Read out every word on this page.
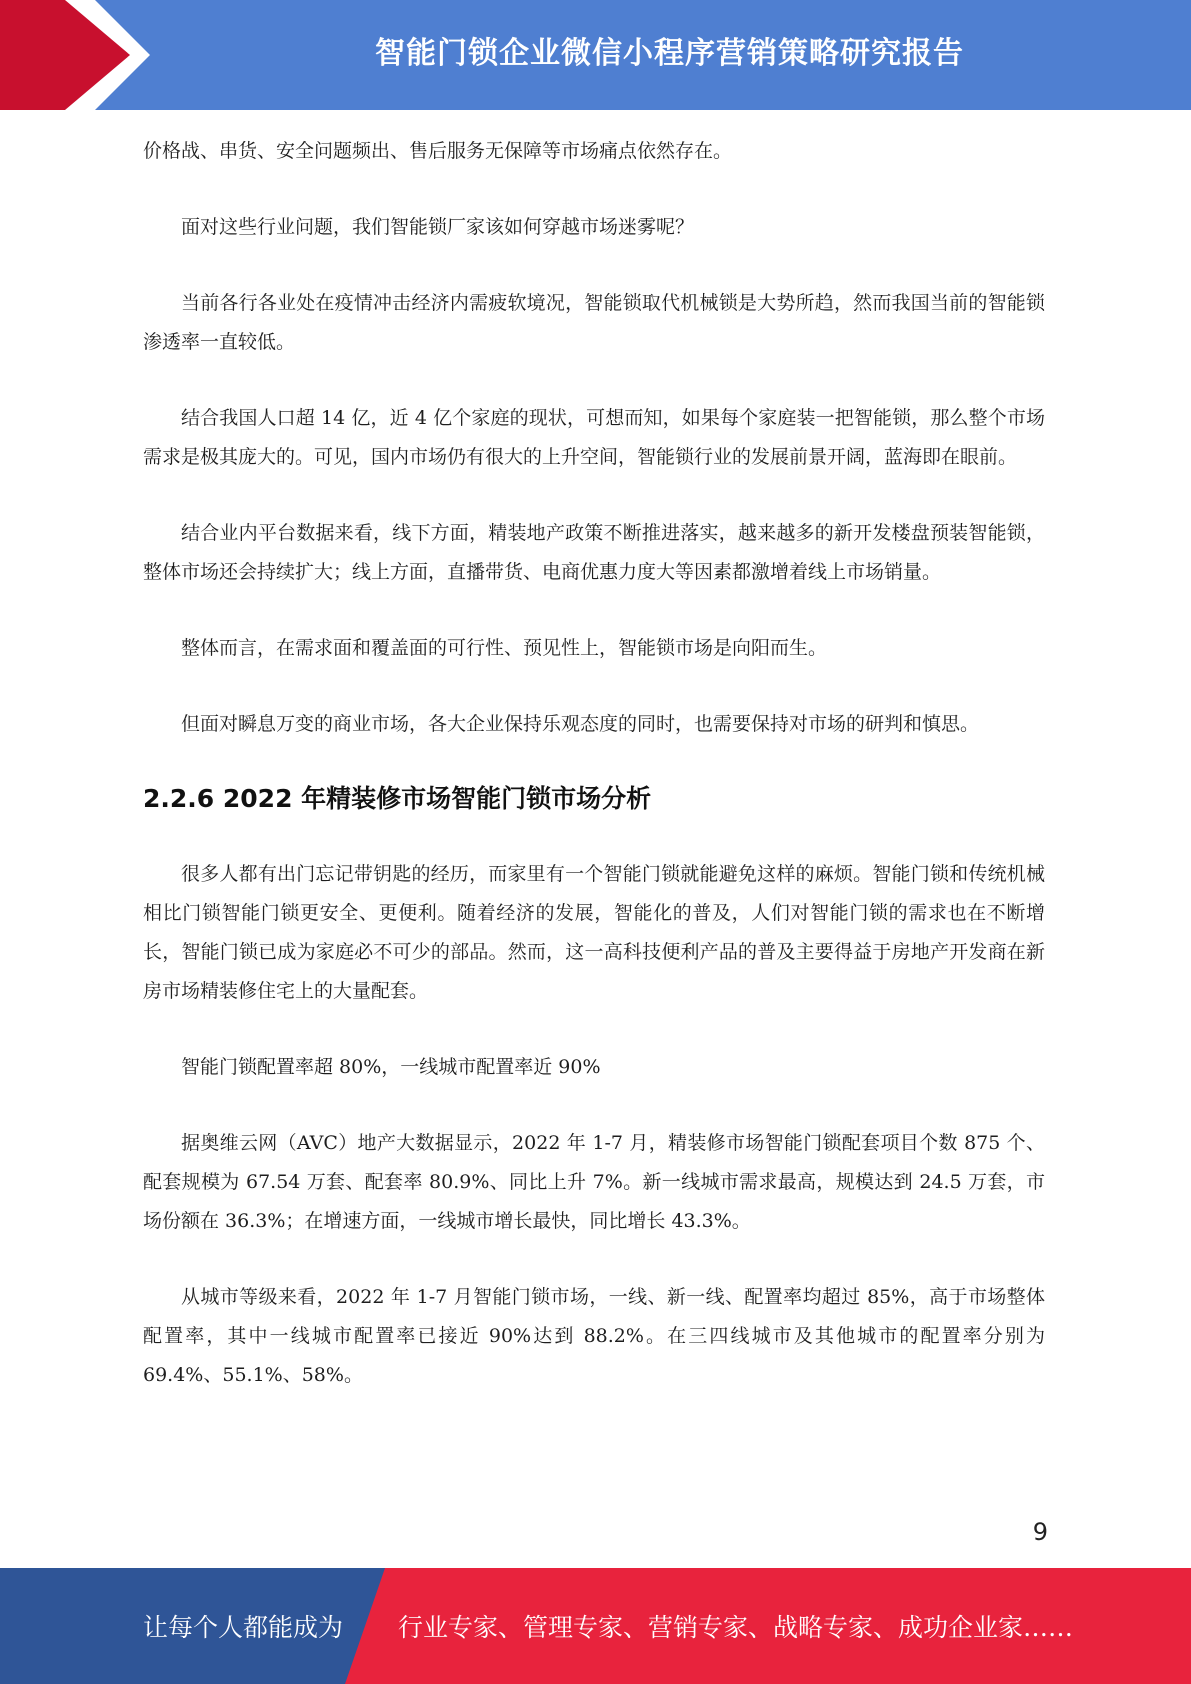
智能门锁企业微信小程序营销策略研究报告

价格战、串货、安全问题频出、售后服务无保障等市场痛点依然存在。

面对这些行业问题，我们智能锁厂家该如何穿越市场迷雾呢？

当前各行各业处在疫情冲击经济内需疲软境况，智能锁取代机械锁是大势所趋，然而我国当前的智能锁渗透率一直较低。

结合我国人口超 14 亿，近 4 亿个家庭的现状，可想而知，如果每个家庭装一把智能锁，那么整个市场需求是极其庞大的。可见，国内市场仍有很大的上升空间，智能锁行业的发展前景开阔，蓝海即在眼前。

结合业内平台数据来看，线下方面，精装地产政策不断推进落实，越来越多的新开发楼盘预装智能锁，整体市场还会持续扩大；线上方面，直播带货、电商优惠力度大等因素都激增着线上市场销量。

整体而言，在需求面和覆盖面的可行性、预见性上，智能锁市场是向阳而生。

但面对瞬息万变的商业市场，各大企业保持乐观态度的同时，也需要保持对市场的研判和慎思。

2.2.6 2022 年精装修市场智能门锁市场分析

很多人都有出门忘记带钥匙的经历，而家里有一个智能门锁就能避免这样的麻烦。智能门锁和传统机械相比门锁智能门锁更安全、更便利。随着经济的发展，智能化的普及，人们对智能门锁的需求也在不断增长，智能门锁已成为家庭必不可少的部品。然而，这一高科技便利产品的普及主要得益于房地产开发商在新房市场精装修住宅上的大量配套。

智能门锁配置率超 80%，一线城市配置率近 90%

据奥维云网（AVC）地产大数据显示，2022 年 1-7 月，精装修市场智能门锁配套项目个数 875 个、配套规模为 67.54 万套、配套率 80.9%、同比上升 7%。新一线城市需求最高，规模达到 24.5 万套，市场份额在 36.3%；在增速方面，一线城市增长最快，同比增长 43.3%。

从城市等级来看，2022 年 1-7 月智能门锁市场，一线、新一线、配置率均超过 85%，高于市场整体配置率，其中一线城市配置率已接近 90%达到 88.2%。在三四线城市及其他城市的配置率分别为 69.4%、55.1%、58%。

9
让每个人都能成为 行业专家、管理专家、营销专家、战略专家、成功企业家……
